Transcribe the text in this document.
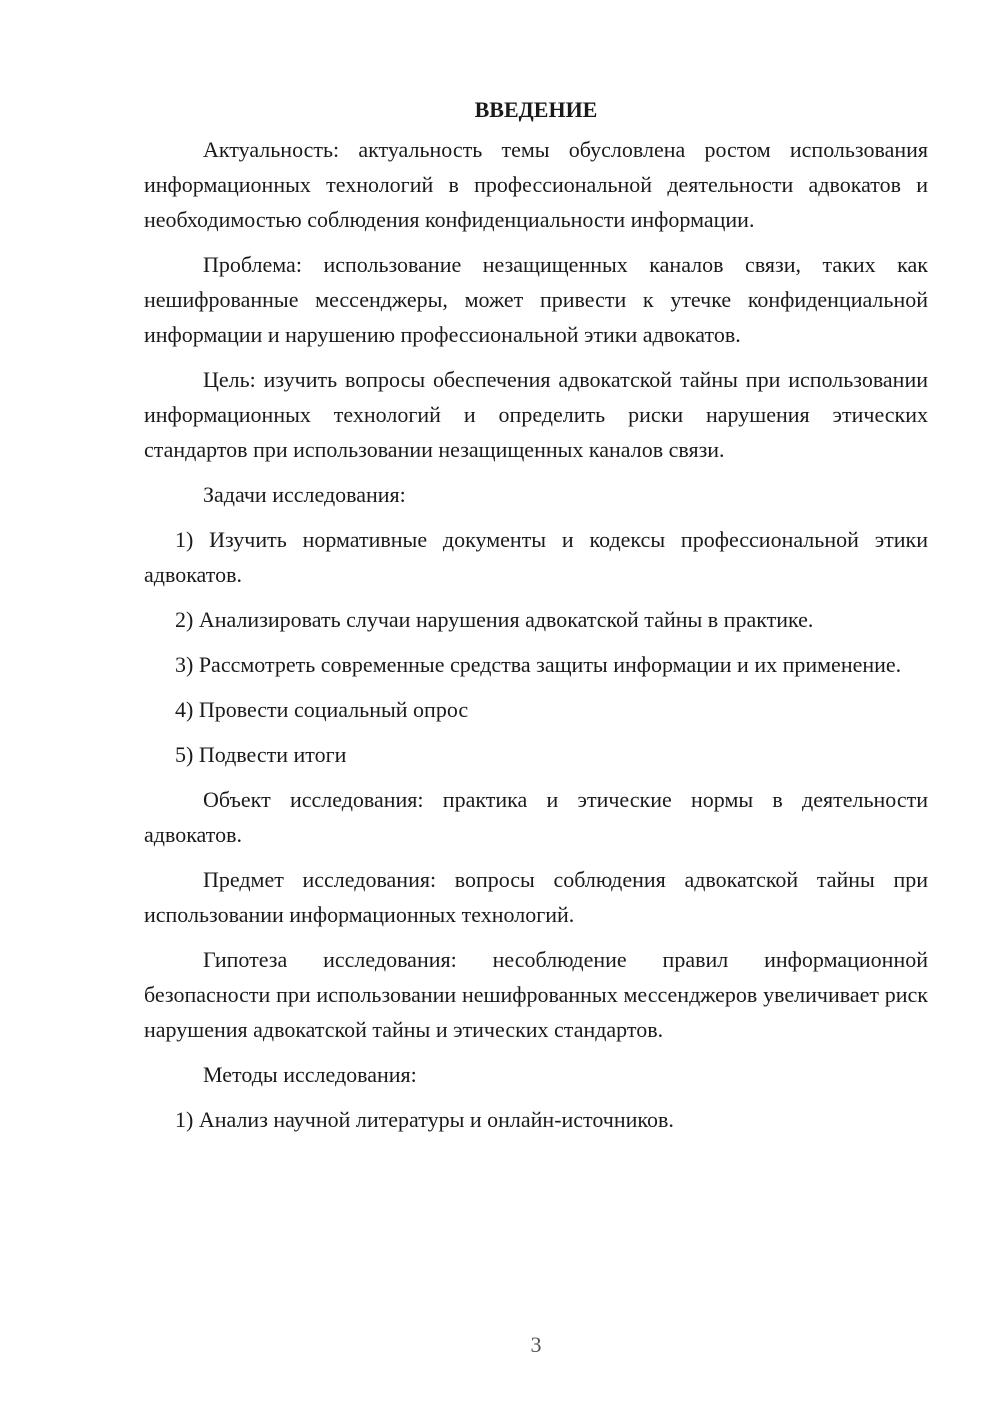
ВВЕДЕНИЕ

Актуальность: актуальность темы обусловлена ростом использования информационных технологий в профессиональной деятельности адвокатов и необходимостью соблюдения конфиденциальности информации.

Проблема: использование незащищенных каналов связи, таких как нешифрованные мессенджеры, может привести к утечке конфиденциальной информации и нарушению профессиональной этики адвокатов.

Цель: изучить вопросы обеспечения адвокатской тайны при использовании информационных технологий и определить риски нарушения этических стандартов при использовании незащищенных каналов связи.

Задачи исследования:

1) Изучить нормативные документы и кодексы профессиональной этики адвокатов.

2) Анализировать случаи нарушения адвокатской тайны в практике.

3) Рассмотреть современные средства защиты информации и их применение.

4) Провести социальный опрос

5) Подвести итоги

Объект исследования: практика и этические нормы в деятельности адвокатов.

Предмет исследования: вопросы соблюдения адвокатской тайны при использовании информационных технологий.

Гипотеза исследования: несоблюдение правил информационной безопасности при использовании нешифрованных мессенджеров увеличивает риск нарушения адвокатской тайны и этических стандартов.

Методы исследования:

1) Анализ научной литературы и онлайн-источников.

3
